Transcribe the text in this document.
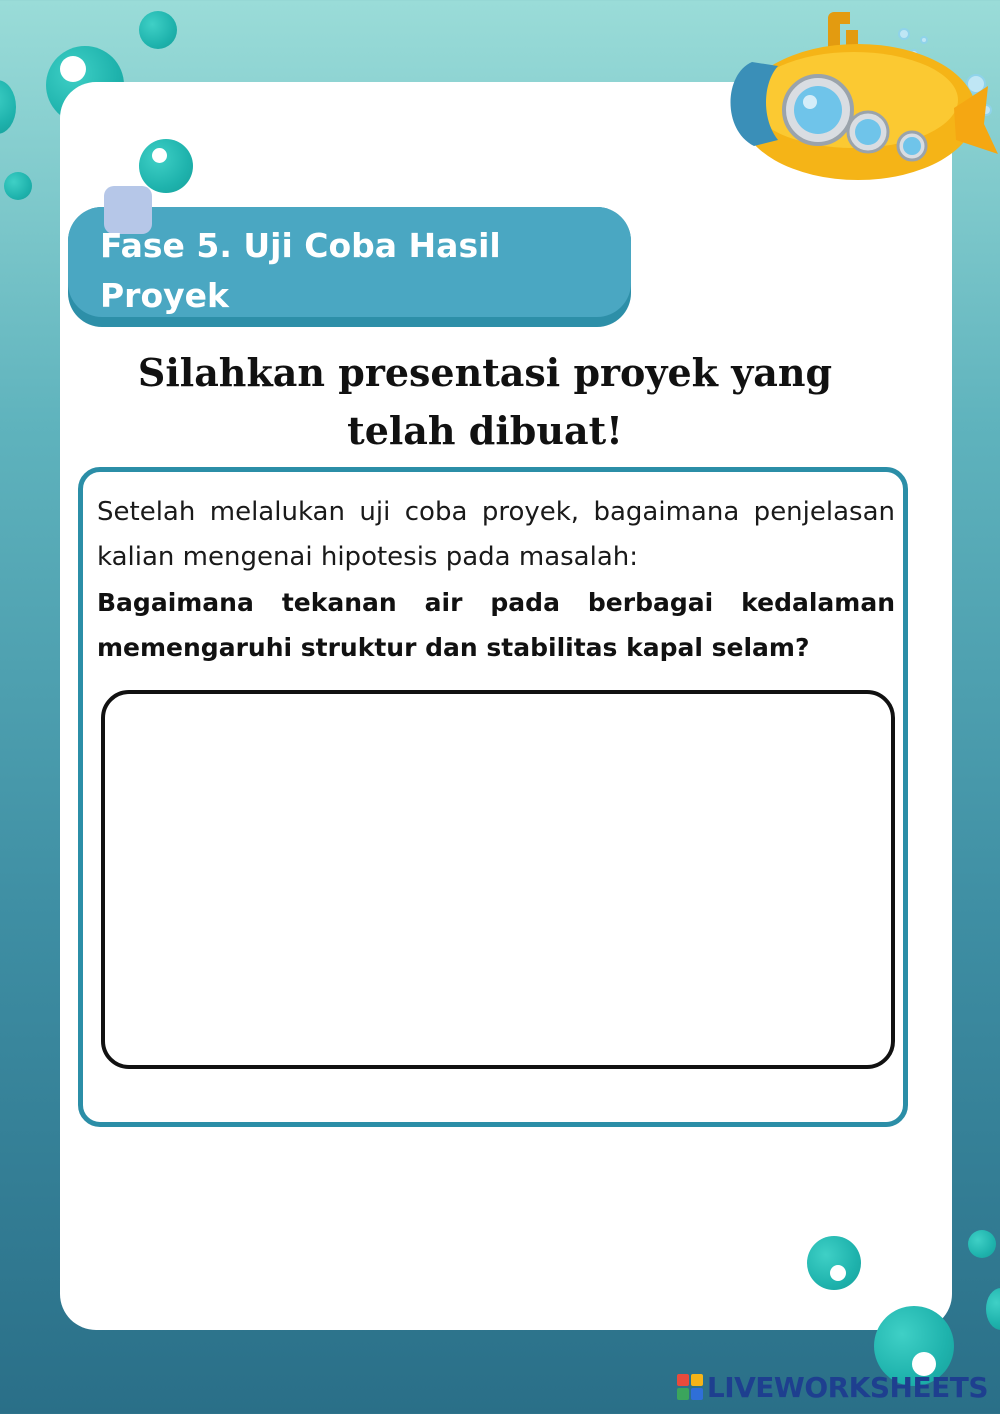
Fase 5. Uji Coba Hasil Proyek
Silahkan presentasi proyek yang telah dibuat!

Setelah melalukan uji coba proyek, bagaimana penjelasan kalian mengenai hipotesis pada masalah:

Bagaimana tekanan air pada berbagai kedalaman memengaruhi struktur dan stabilitas kapal selam?

LIVEWORKSHEETS
